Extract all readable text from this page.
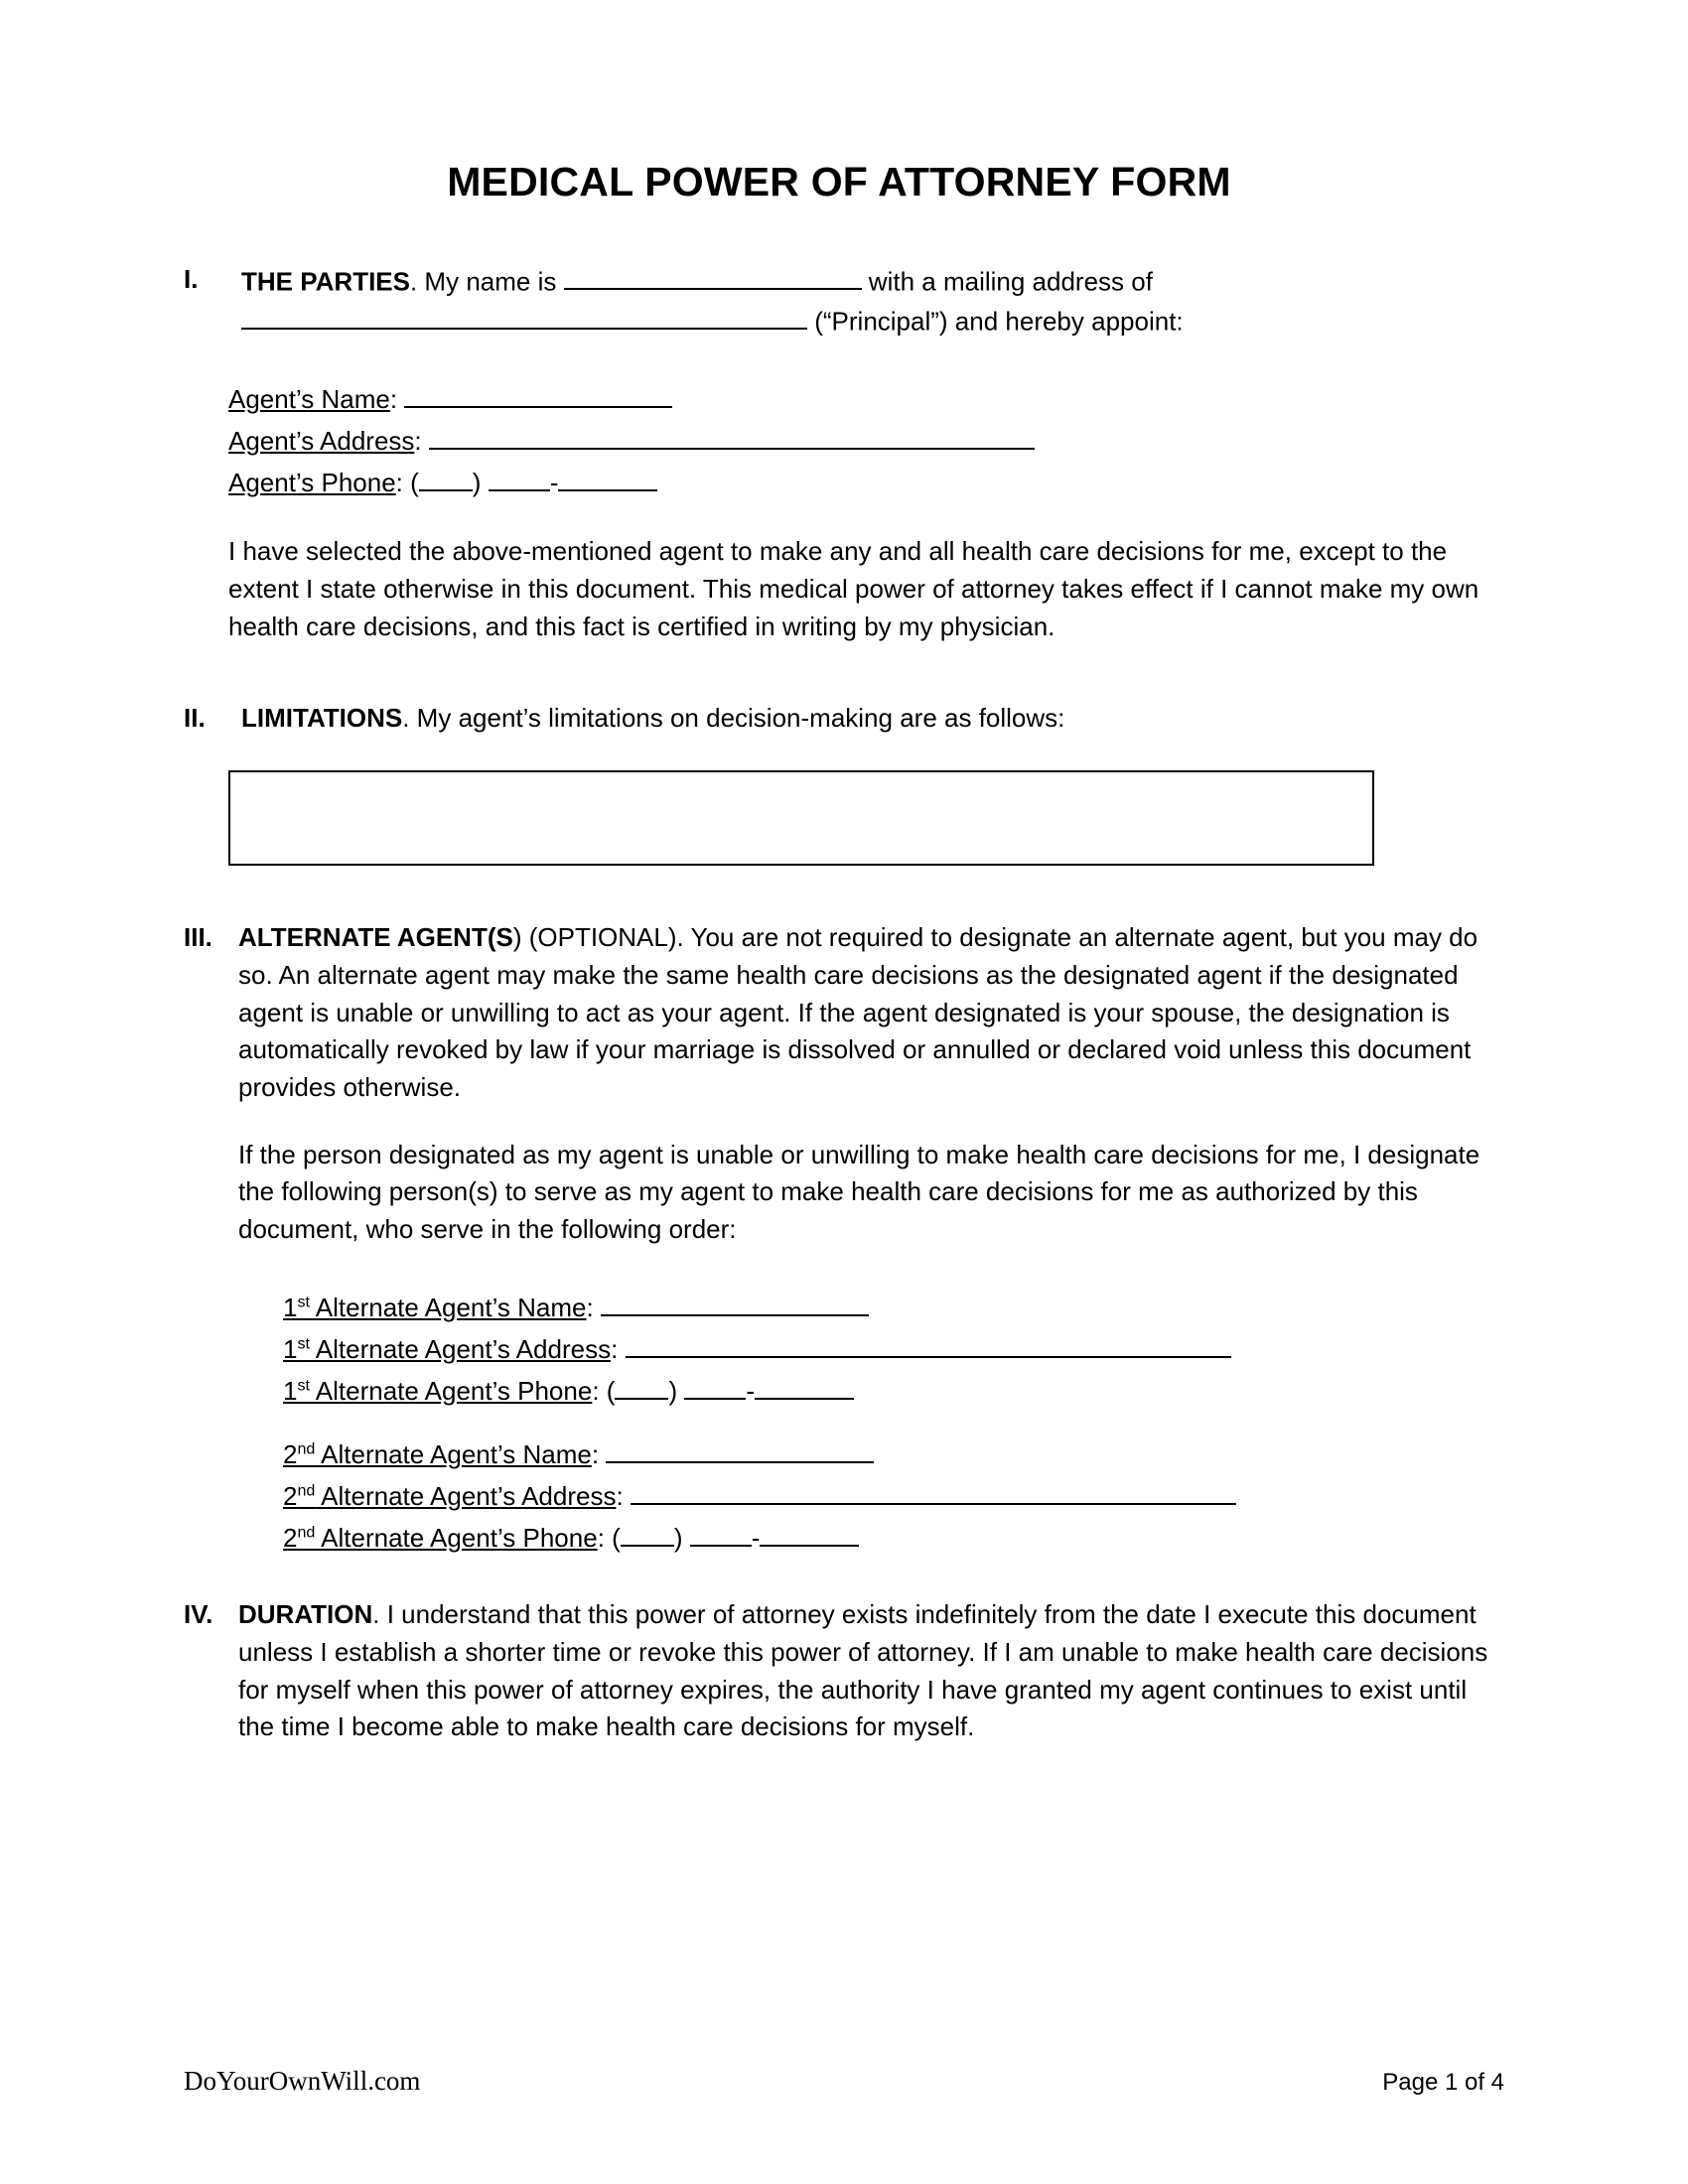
MEDICAL POWER OF ATTORNEY FORM
I.	THE PARTIES. My name is	with a mailing address of
(“Principal”) and hereby appoint:
Agent’s Name:
Agent’s Address:
Agent’s Phone: ( ) -
I have selected the above-mentioned agent to make any and all health care decisions for me, except to the extent I state otherwise in this document. This medical power of attorney takes effect if I cannot make my own health care decisions, and this fact is certified in writing by my physician.
II.	LIMITATIONS. My agent’s limitations on decision-making are as follows:
III.	ALTERNATE AGENT(S) (OPTIONAL). You are not required to designate an alternate agent, but you may do so. An alternate agent may make the same health care decisions as the designated agent if the designated agent is unable or unwilling to act as your agent. If the agent designated is your spouse, the designation is automatically revoked by law if your marriage is dissolved or annulled or declared void unless this document provides otherwise.
If the person designated as my agent is unable or unwilling to make health care decisions for me, I designate the following person(s) to serve as my agent to make health care decisions for me as authorized by this document, who serve in the following order:
1st Alternate Agent’s Name:
1st Alternate Agent’s Address:
1st Alternate Agent’s Phone: ( ) -
2nd Alternate Agent’s Name:
2nd Alternate Agent’s Address:
2nd Alternate Agent’s Phone: ( ) -
IV. DURATION. I understand that this power of attorney exists indefinitely from the date I execute this document unless I establish a shorter time or revoke this power of attorney. If I am unable to make health care decisions for myself when this power of attorney expires, the authority I have granted my agent continues to exist until the time I become able to make health care decisions for myself.
DoYourOwnWill.com	Page 1 of 4
